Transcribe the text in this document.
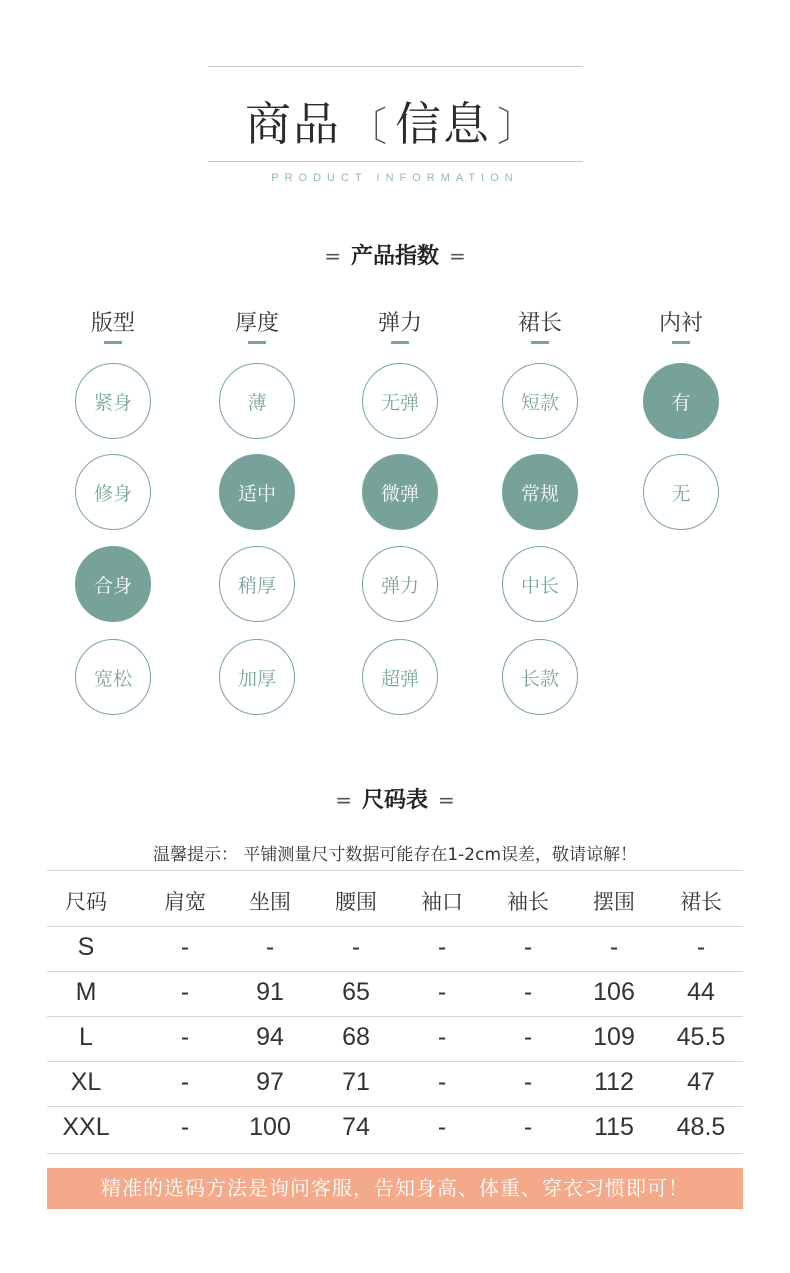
商品 〔 信息 〕
PRODUCT INFORMATION
= 产品指数 =
版型
紧身
修身
合身
宽松
厚度
薄
适中
稍厚
加厚
弹力
无弹
微弹
弹力
超弹
裙长
短款
常规
中长
长款
内衬
有
无
= 尺码表 =
温馨提示： 平铺测量尺寸数据可能存在1-2cm误差，敬请谅解！
尺码	肩宽	坐围	腰围	袖口	袖长	摆围	裙长
S	-	-	-	-	-	-	-
M	-	91	65	-	-	106	44
L	-	94	68	-	-	109	45.5
XL	-	97	71	-	-	112	47
XXL	-	100	74	-	-	115	48.5
精准的选码方法是询问客服，告知身高、体重、穿衣习惯即可！
